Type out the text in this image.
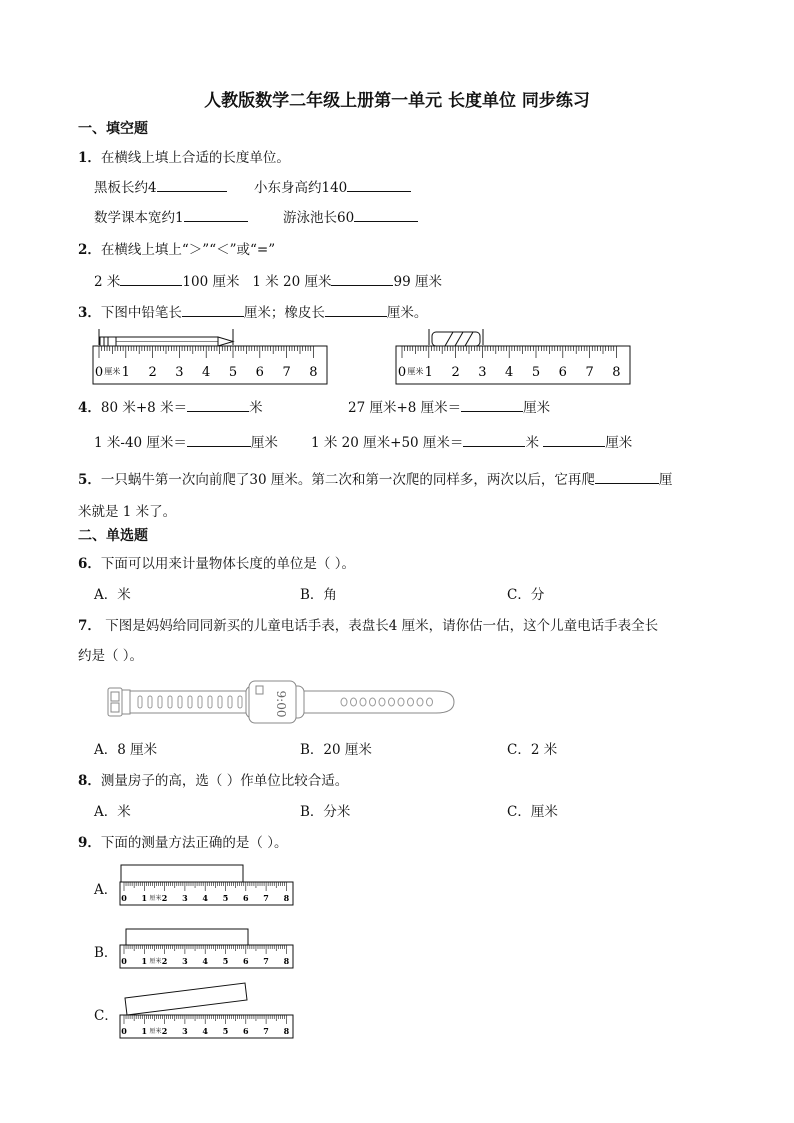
人教版数学二年级上册第一单元 长度单位 同步练习
一、填空题
1．在横线上填上合适的长度单位。
黑板长约4	小东身高约140
数学课本宽约1	游泳池长60
2．在横线上填上“＞”“＜”或“=”
2 米	100 厘米 1 米 20 厘米	99 厘米
3．下图中铅笔长	厘米；橡皮长	厘米。
0 1 2 3 4 5 6 7 8
厘米	0 1 2 3 4 5 6 7 8
厘米
4．80 米+8 米＝	米	27 厘米+8 厘米＝	厘米
1 米-40 厘米＝	厘米 1 米 20 厘米+50 厘米＝	米	厘米
5．一只蜗牛第一次向前爬了30 厘米。第二次和第一次爬的同样多，两次以后，它再爬	厘
米就是 1 米了。
二、单选题
6．下面可以用来计量物体长度的单位是（ ）。
A．米	B．角	C．分
7． 下图是妈妈给同同新买的儿童电话手表，表盘长4 厘米，请你估一估，这个儿童电话手表全长
约是（ ）。
9:00
A．8 厘米	B．20 厘米	C．2 米
8．测量房子的高，选（ ）作单位比较合适。
A．米	B．分米	C．厘米
9．下面的测量方法正确的是（ ）。
A． 0 1 2 3 4 5 6 7 8
厘米
B． 0 1 2 3 4 5 6 7 8
厘米
C．
0 1 2 3 4 5 6 7 8
厘米
